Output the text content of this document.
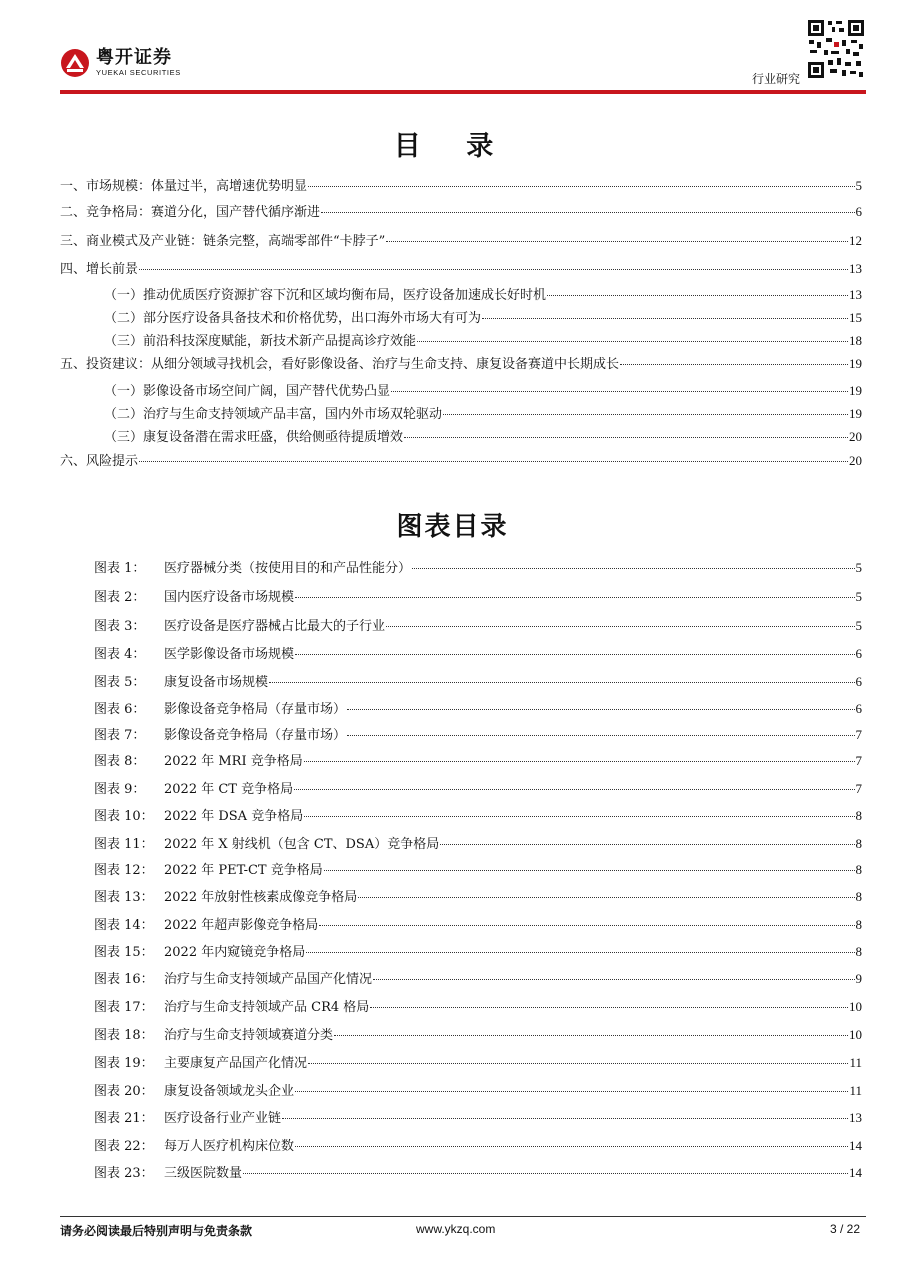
粤开证券
YUEKAI SECURITIES	行业研究
目 录
一、市场规模：体量过半，高增速优势明显	5
二、竞争格局：赛道分化，国产替代循序渐进	6
三、商业模式及产业链：链条完整，高端零部件“卡脖子”	12
四、增长前景	13
（一）推动优质医疗资源扩容下沉和区域均衡布局，医疗设备加速成长好时机	13
（二）部分医疗设备具备技术和价格优势，出口海外市场大有可为	15
（三）前沿科技深度赋能，新技术新产品提高诊疗效能	18
五、投资建议：从细分领域寻找机会，看好影像设备、治疗与生命支持、康复设备赛道中长期成长	19
（一）影像设备市场空间广阔，国产替代优势凸显	19
（二）治疗与生命支持领域产品丰富，国内外市场双轮驱动	19
（三）康复设备潜在需求旺盛，供给侧亟待提质增效	20
六、风险提示	20
图表目录
图表 1： 医疗器械分类（按使用目的和产品性能分）	5
图表 2： 国内医疗设备市场规模	5
图表 3： 医疗设备是医疗器械占比最大的子行业	5
图表 4： 医学影像设备市场规模	6
图表 5： 康复设备市场规模	6
图表 6： 影像设备竞争格局（存量市场）	6
图表 7： 影像设备竞争格局（存量市场）	7
图表 8： 2022 年 MRI 竞争格局	7
图表 9： 2022 年 CT 竞争格局	7
图表 10： 2022 年 DSA 竞争格局	8
图表 11： 2022 年 X 射线机（包含 CT、DSA）竞争格局	8
图表 12： 2022 年 PET-CT 竞争格局	8
图表 13： 2022 年放射性核素成像竞争格局	8
图表 14： 2022 年超声影像竞争格局	8
图表 15： 2022 年内窥镜竞争格局	8
图表 16： 治疗与生命支持领域产品国产化情况	9
图表 17： 治疗与生命支持领域产品 CR4 格局	10
图表 18： 治疗与生命支持领域赛道分类	10
图表 19： 主要康复产品国产化情况	11
图表 20： 康复设备领域龙头企业	11
图表 21： 医疗设备行业产业链	13
图表 22： 每万人医疗机构床位数	14
图表 23： 三级医院数量	14
请务必阅读最后特别声明与免责条款	www.ykzq.com	3 / 22
